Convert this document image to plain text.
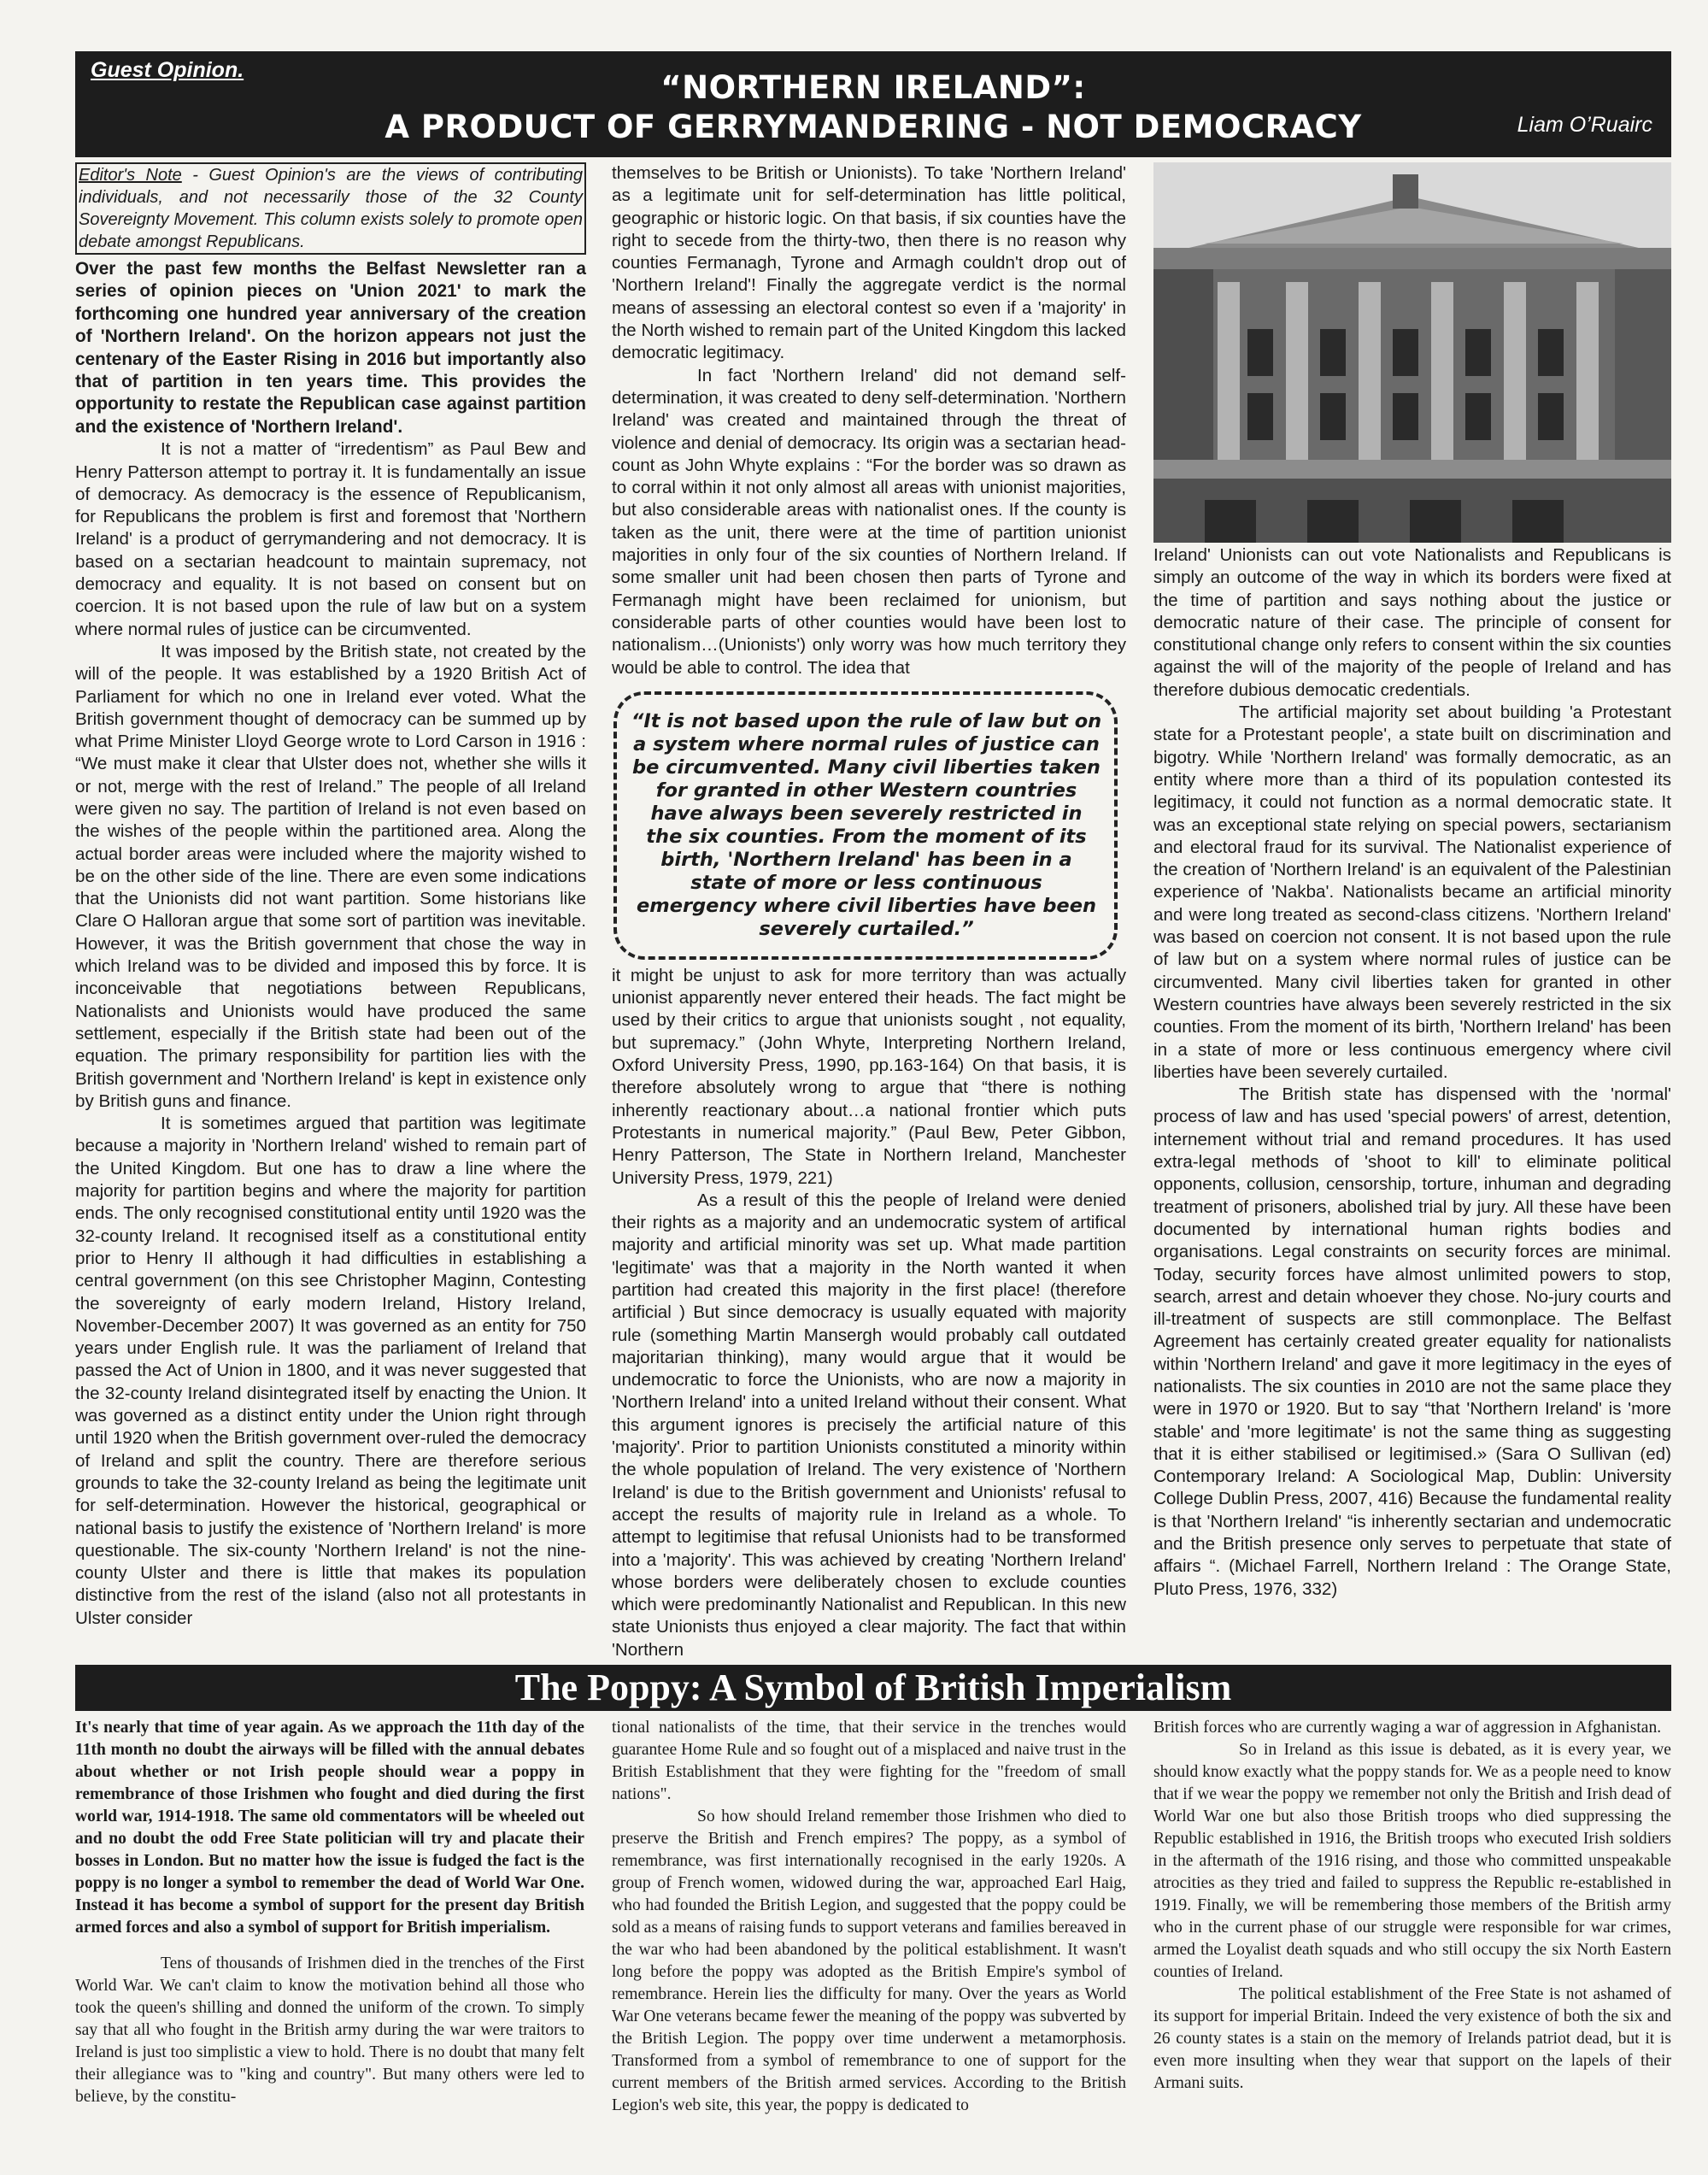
Guest Opinion.	“NORTHERN IRELAND”:
A PRODUCT OF GERRYMANDERING - NOT DEMOCRACY	Liam O’Ruairc
Editor's Note - Guest Opinion's are the views of contributing individuals, and not necessarily those of the 32 County Sovereignty Movement. This column exists solely to promote open debate amongst Republicans.

Over the past few months the Belfast Newsletter ran a series of opinion pieces on 'Union 2021' to mark the forthcoming one hundred year anniversary of the creation of 'Northern Ireland'. On the horizon appears not just the centenary of the Easter Rising in 2016 but importantly also that of partition in ten years time. This provides the opportunity to restate the Republican case against partition and the existence of 'Northern Ireland'.

It is not a matter of “irredentism” as Paul Bew and Henry Patterson attempt to portray it. It is fundamentally an issue of democracy. As democracy is the essence of Republicanism, for Republicans the problem is first and foremost that 'Northern Ireland' is a product of gerrymandering and not democracy. It is based on a sectarian headcount to maintain supremacy, not democracy and equality. It is not based on consent but on coercion. It is not based upon the rule of law but on a system where normal rules of justice can be circumvented.

It was imposed by the British state, not created by the will of the people. It was established by a 1920 British Act of Parliament for which no one in Ireland ever voted. What the British government thought of democracy can be summed up by what Prime Minister Lloyd George wrote to Lord Carson in 1916 : “We must make it clear that Ulster does not, whether she wills it or not, merge with the rest of Ireland.” The people of all Ireland were given no say. The partition of Ireland is not even based on the wishes of the people within the partitioned area. Along the actual border areas were included where the majority wished to be on the other side of the line. There are even some indications that the Unionists did not want partition. Some historians like Clare O Halloran argue that some sort of partition was inevitable. However, it was the British government that chose the way in which Ireland was to be divided and imposed this by force. It is inconceivable that negotiations between Republicans, Nationalists and Unionists would have produced the same settlement, especially if the British state had been out of the equation. The primary responsibility for partition lies with the British government and 'Northern Ireland' is kept in existence only by British guns and finance.

It is sometimes argued that partition was legitimate because a majority in 'Northern Ireland' wished to remain part of the United Kingdom. But one has to draw a line where the majority for partition begins and where the majority for partition ends. The only recognised constitutional entity until 1920 was the 32-county Ireland. It recognised itself as a constitutional entity prior to Henry II although it had difficulties in establishing a central government (on this see Christopher Maginn, Contesting the sovereignty of early modern Ireland, History Ireland, November-December 2007) It was governed as an entity for 750 years under English rule. It was the parliament of Ireland that passed the Act of Union in 1800, and it was never suggested that the 32-county Ireland disintegrated itself by enacting the Union. It was governed as a distinct entity under the Union right through until 1920 when the British government over-ruled the democracy of Ireland and split the country. There are therefore serious grounds to take the 32-county Ireland as being the legitimate unit for self-determination. However the historical, geographical or national basis to justify the existence of 'Northern Ireland' is more questionable. The six-county 'Northern Ireland' is not the nine-county Ulster and there is little that makes its population distinctive from the rest of the island (also not all protestants in Ulster consider

themselves to be British or Unionists). To take 'Northern Ireland' as a legitimate unit for self-determination has little political, geographic or historic logic. On that basis, if six counties have the right to secede from the thirty-two, then there is no reason why counties Fermanagh, Tyrone and Armagh couldn't drop out of 'Northern Ireland'! Finally the aggregate verdict is the normal means of assessing an electoral contest so even if a 'majority' in the North wished to remain part of the United Kingdom this lacked democratic legitimacy.

In fact 'Northern Ireland' did not demand self-determination, it was created to deny self-determination. 'Northern Ireland' was created and maintained through the threat of violence and denial of democracy. Its origin was a sectarian head-count as John Whyte explains : “For the border was so drawn as to corral within it not only almost all areas with unionist majorities, but also considerable areas with nationalist ones. If the county is taken as the unit, there were at the time of partition unionist majorities in only four of the six counties of Northern Ireland. If some smaller unit had been chosen then parts of Tyrone and Fermanagh might have been reclaimed for unionism, but considerable parts of other counties would have been lost to nationalism…(Unionists') only worry was how much territory they would be able to control. The idea that

“It is not based upon the rule of law but on a system where normal rules of justice can be circumvented. Many civil liberties taken for granted in other Western countries have always been severely restricted in the six counties. From the moment of its birth, 'Northern Ireland' has been in a state of more or less continuous emergency where civil liberties have been severely curtailed.”

it might be unjust to ask for more territory than was actually unionist apparently never entered their heads. The fact might be used by their critics to argue that unionists sought , not equality, but supremacy.” (John Whyte, Interpreting Northern Ireland, Oxford University Press, 1990, pp.163-164) On that basis, it is therefore absolutely wrong to argue that “there is nothing inherently reactionary about…a national frontier which puts Protestants in numerical majority.” (Paul Bew, Peter Gibbon, Henry Patterson, The State in Northern Ireland, Manchester University Press, 1979, 221)

As a result of this the people of Ireland were denied their rights as a majority and an undemocratic system of artifical majority and artificial minority was set up. What made partition 'legitimate' was that a majority in the North wanted it when partition had created this majority in the first place! (therefore artificial ) But since democracy is usually equated with majority rule (something Martin Mansergh would probably call outdated majoritarian thinking), many would argue that it would be undemocratic to force the Unionists, who are now a majority in 'Northern Ireland' into a united Ireland without their consent. What this argument ignores is precisely the artificial nature of this 'majority'. Prior to partition Unionists constituted a minority within the whole population of Ireland. The very existence of 'Northern Ireland' is due to the British government and Unionists' refusal to accept the results of majority rule in Ireland as a whole. To attempt to legitimise that refusal Unionists had to be transformed into a 'majority'. This was achieved by creating 'Northern Ireland' whose borders were deliberately chosen to exclude counties which were predominantly Nationalist and Republican. In this new state Unionists thus enjoyed a clear majority. The fact that within 'Northern

Ireland' Unionists can out vote Nationalists and Republicans is simply an outcome of the way in which its borders were fixed at the time of partition and says nothing about the justice or democratic nature of their case. The principle of consent for constitutional change only refers to consent within the six counties against the will of the majority of the people of Ireland and has therefore dubious democatic credentials.

The artificial majority set about building 'a Protestant state for a Protestant people', a state built on discrimination and bigotry. While 'Northern Ireland' was formally democratic, as an entity where more than a third of its population contested its legitimacy, it could not function as a normal democratic state. It was an exceptional state relying on special powers, sectarianism and electoral fraud for its survival. The Nationalist experience of the creation of 'Northern Ireland' is an equivalent of the Palestinian experience of 'Nakba'. Nationalists became an artificial minority and were long treated as second-class citizens. 'Northern Ireland' was based on coercion not consent. It is not based upon the rule of law but on a system where normal rules of justice can be circumvented. Many civil liberties taken for granted in other Western countries have always been severely restricted in the six counties. From the moment of its birth, 'Northern Ireland' has been in a state of more or less continuous emergency where civil liberties have been severely curtailed.

The British state has dispensed with the 'normal' process of law and has used 'special powers' of arrest, detention, internement without trial and remand procedures. It has used extra-legal methods of 'shoot to kill' to eliminate political opponents, collusion, censorship, torture, inhuman and degrading treatment of prisoners, abolished trial by jury. All these have been documented by international human rights bodies and organisations. Legal constraints on security forces are minimal. Today, security forces have almost unlimited powers to stop, search, arrest and detain whoever they chose. No-jury courts and ill-treatment of suspects are still commonplace. The Belfast Agreement has certainly created greater equality for nationalists within 'Northern Ireland' and gave it more legitimacy in the eyes of nationalists. The six counties in 2010 are not the same place they were in 1970 or 1920. But to say “that 'Northern Ireland' is 'more stable' and 'more legitimate' is not the same thing as suggesting that it is either stabilised or legitimised.» (Sara O Sullivan (ed) Contemporary Ireland: A Sociological Map, Dublin: University College Dublin Press, 2007, 416) Because the fundamental reality is that 'Northern Ireland' “is inherently sectarian and undemocratic and the British presence only serves to perpetuate that state of affairs “. (Michael Farrell, Northern Ireland : The Orange State, Pluto Press, 1976, 332)

The Poppy: A Symbol of British Imperialism

It's nearly that time of year again. As we approach the 11th day of the 11th month no doubt the airways will be filled with the annual debates about whether or not Irish people should wear a poppy in remembrance of those Irishmen who fought and died during the first world war, 1914-1918. The same old commentators will be wheeled out and no doubt the odd Free State politician will try and placate their bosses in London. But no matter how the issue is fudged the fact is the poppy is no longer a symbol to remember the dead of World War One. Instead it has become a symbol of support for the present day British armed forces and also a symbol of support for British imperialism.

Tens of thousands of Irishmen died in the trenches of the First World War. We can't claim to know the motivation behind all those who took the queen's shilling and donned the uniform of the crown. To simply say that all who fought in the British army during the war were traitors to Ireland is just too simplistic a view to hold. There is no doubt that many felt their allegiance was to "king and country". But many others were led to believe, by the constitu-

tional nationalists of the time, that their service in the trenches would guarantee Home Rule and so fought out of a misplaced and naive trust in the British Establishment that they were fighting for the "freedom of small nations".

So how should Ireland remember those Irishmen who died to preserve the British and French empires? The poppy, as a symbol of remembrance, was first internationally recognised in the early 1920s. A group of French women, widowed during the war, approached Earl Haig, who had founded the British Legion, and suggested that the poppy could be sold as a means of raising funds to support veterans and families bereaved in the war who had been abandoned by the political establishment. It wasn't long before the poppy was adopted as the British Empire's symbol of remembrance. Herein lies the difficulty for many. Over the years as World War One veterans became fewer the meaning of the poppy was subverted by the British Legion. The poppy over time underwent a metamorphosis. Transformed from a symbol of remembrance to one of support for the current members of the British armed services. According to the British Legion's web site, this year, the poppy is dedicated to

British forces who are currently waging a war of aggression in Afghanistan.

So in Ireland as this issue is debated, as it is every year, we should know exactly what the poppy stands for. We as a people need to know that if we wear the poppy we remember not only the British and Irish dead of World War one but also those British troops who died suppressing the Republic established in 1916, the British troops who executed Irish soldiers in the aftermath of the 1916 rising, and those who committed unspeakable atrocities as they tried and failed to suppress the Republic re-established in 1919. Finally, we will be remembering those members of the British army who in the current phase of our struggle were responsible for war crimes, armed the Loyalist death squads and who still occupy the six North Eastern counties of Ireland.

The political establishment of the Free State is not ashamed of its support for imperial Britain. Indeed the very existence of both the six and 26 county states is a stain on the memory of Irelands patriot dead, but it is even more insulting when they wear that support on the lapels of their Armani suits.
